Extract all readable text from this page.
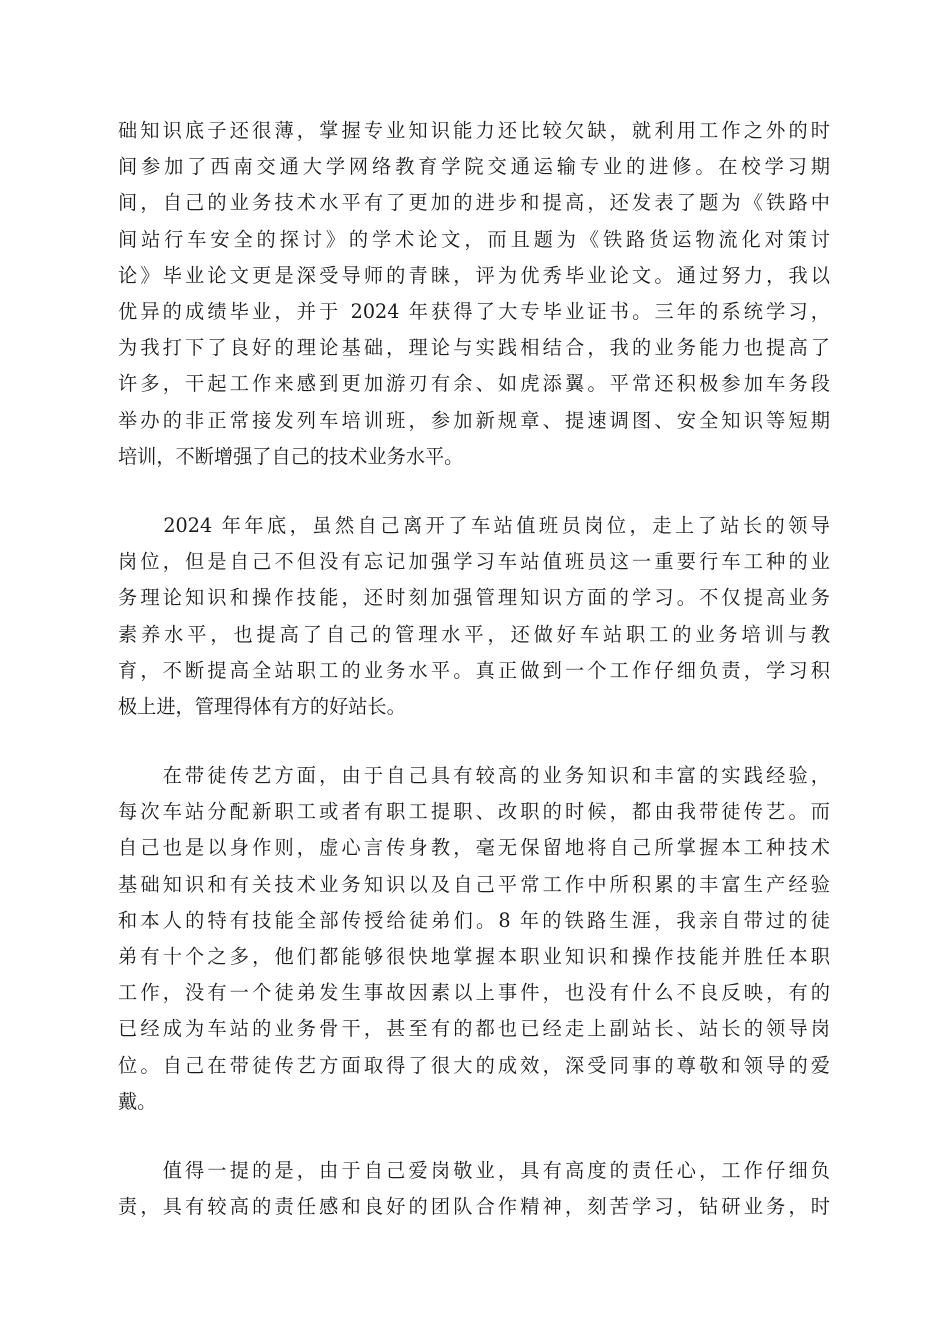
础知识底子还很薄，掌握专业知识能力还比较欠缺，就利用工作之外的时
间参加了西南交通大学网络教育学院交通运输专业的进修。在校学习期
间，自己的业务技术水平有了更加的进步和提高，还发表了题为《铁路中
间站行车安全的探讨》的学术论文，而且题为《铁路货运物流化对策讨
论》毕业论文更是深受导师的青睐，评为优秀毕业论文。通过努力，我以
优异的成绩毕业，并于 2024 年获得了大专毕业证书。三年的系统学习，
为我打下了良好的理论基础，理论与实践相结合，我的业务能力也提高了
许多，干起工作来感到更加游刃有余、如虎添翼。平常还积极参加车务段
举办的非正常接发列车培训班，参加新规章、提速调图、安全知识等短期
培训，不断增强了自己的技术业务水平。
　　2024 年年底，虽然自己离开了车站值班员岗位，走上了站长的领导
岗位，但是自己不但没有忘记加强学习车站值班员这一重要行车工种的业
务理论知识和操作技能，还时刻加强管理知识方面的学习。不仅提高业务
素养水平，也提高了自己的管理水平，还做好车站职工的业务培训与教
育，不断提高全站职工的业务水平。真正做到一个工作仔细负责，学习积
极上进，管理得体有方的好站长。
　　在带徒传艺方面，由于自己具有较高的业务知识和丰富的实践经验，
每次车站分配新职工或者有职工提职、改职的时候，都由我带徒传艺。而
自己也是以身作则，虚心言传身教，毫无保留地将自己所掌握本工种技术
基础知识和有关技术业务知识以及自己平常工作中所积累的丰富生产经验
和本人的特有技能全部传授给徒弟们。8 年的铁路生涯，我亲自带过的徒
弟有十个之多，他们都能够很快地掌握本职业知识和操作技能并胜任本职
工作，没有一个徒弟发生事故因素以上事件，也没有什么不良反映，有的
已经成为车站的业务骨干，甚至有的都也已经走上副站长、站长的领导岗
位。自己在带徒传艺方面取得了很大的成效，深受同事的尊敬和领导的爱
戴。
　　值得一提的是，由于自己爱岗敬业，具有高度的责任心，工作仔细负
责，具有较高的责任感和良好的团队合作精神，刻苦学习，钻研业务，时
